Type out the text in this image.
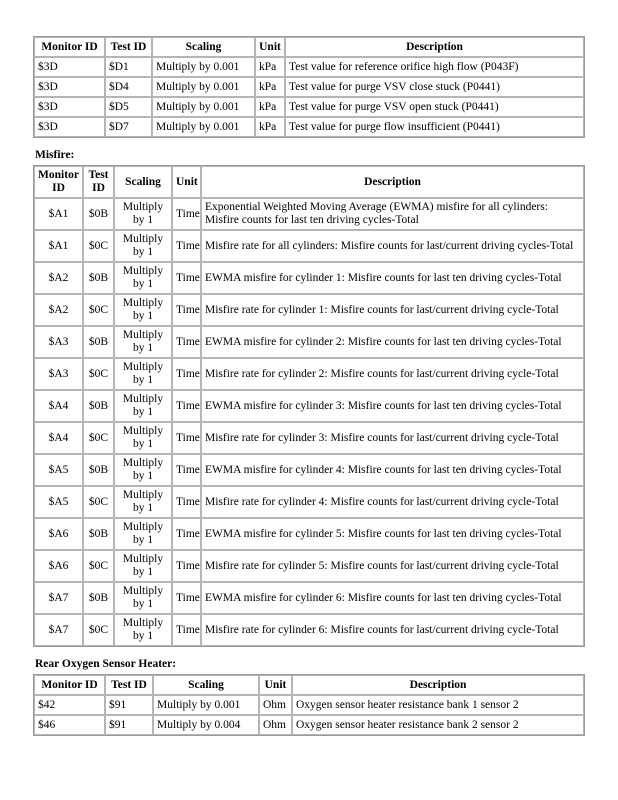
Monitor ID	Test ID	Scaling	Unit	Description
$3D	$D1	Multiply by 0.001	kPa	Test value for reference orifice high flow (P043F)
$3D	$D4	Multiply by 0.001	kPa	Test value for purge VSV close stuck (P0441)
$3D	$D5	Multiply by 0.001	kPa	Test value for purge VSV open stuck (P0441)
$3D	$D7	Multiply by 0.001	kPa	Test value for purge flow insufficient (P0441)
Misfire:
Monitor ID	Test ID	Scaling	Unit	Description
$A1	$0B	Multiply by 1	Time	Exponential Weighted Moving Average (EWMA) misfire for all cylinders: Misfire counts for last ten driving cycles-Total
$A1	$0C	Multiply by 1	Time	Misfire rate for all cylinders: Misfire counts for last/current driving cycles-Total
$A2	$0B	Multiply by 1	Time	EWMA misfire for cylinder 1: Misfire counts for last ten driving cycles-Total
$A2	$0C	Multiply by 1	Time	Misfire rate for cylinder 1: Misfire counts for last/current driving cycle-Total
$A3	$0B	Multiply by 1	Time	EWMA misfire for cylinder 2: Misfire counts for last ten driving cycles-Total
$A3	$0C	Multiply by 1	Time	Misfire rate for cylinder 2: Misfire counts for last/current driving cycle-Total
$A4	$0B	Multiply by 1	Time	EWMA misfire for cylinder 3: Misfire counts for last ten driving cycles-Total
$A4	$0C	Multiply by 1	Time	Misfire rate for cylinder 3: Misfire counts for last/current driving cycle-Total
$A5	$0B	Multiply by 1	Time	EWMA misfire for cylinder 4: Misfire counts for last ten driving cycles-Total
$A5	$0C	Multiply by 1	Time	Misfire rate for cylinder 4: Misfire counts for last/current driving cycle-Total
$A6	$0B	Multiply by 1	Time	EWMA misfire for cylinder 5: Misfire counts for last ten driving cycles-Total
$A6	$0C	Multiply by 1	Time	Misfire rate for cylinder 5: Misfire counts for last/current driving cycle-Total
$A7	$0B	Multiply by 1	Time	EWMA misfire for cylinder 6: Misfire counts for last ten driving cycles-Total
$A7	$0C	Multiply by 1	Time	Misfire rate for cylinder 6: Misfire counts for last/current driving cycle-Total
Rear Oxygen Sensor Heater:
Monitor ID	Test ID	Scaling	Unit	Description
$42	$91	Multiply by 0.001	Ohm	Oxygen sensor heater resistance bank 1 sensor 2
$46	$91	Multiply by 0.004	Ohm	Oxygen sensor heater resistance bank 2 sensor 2
